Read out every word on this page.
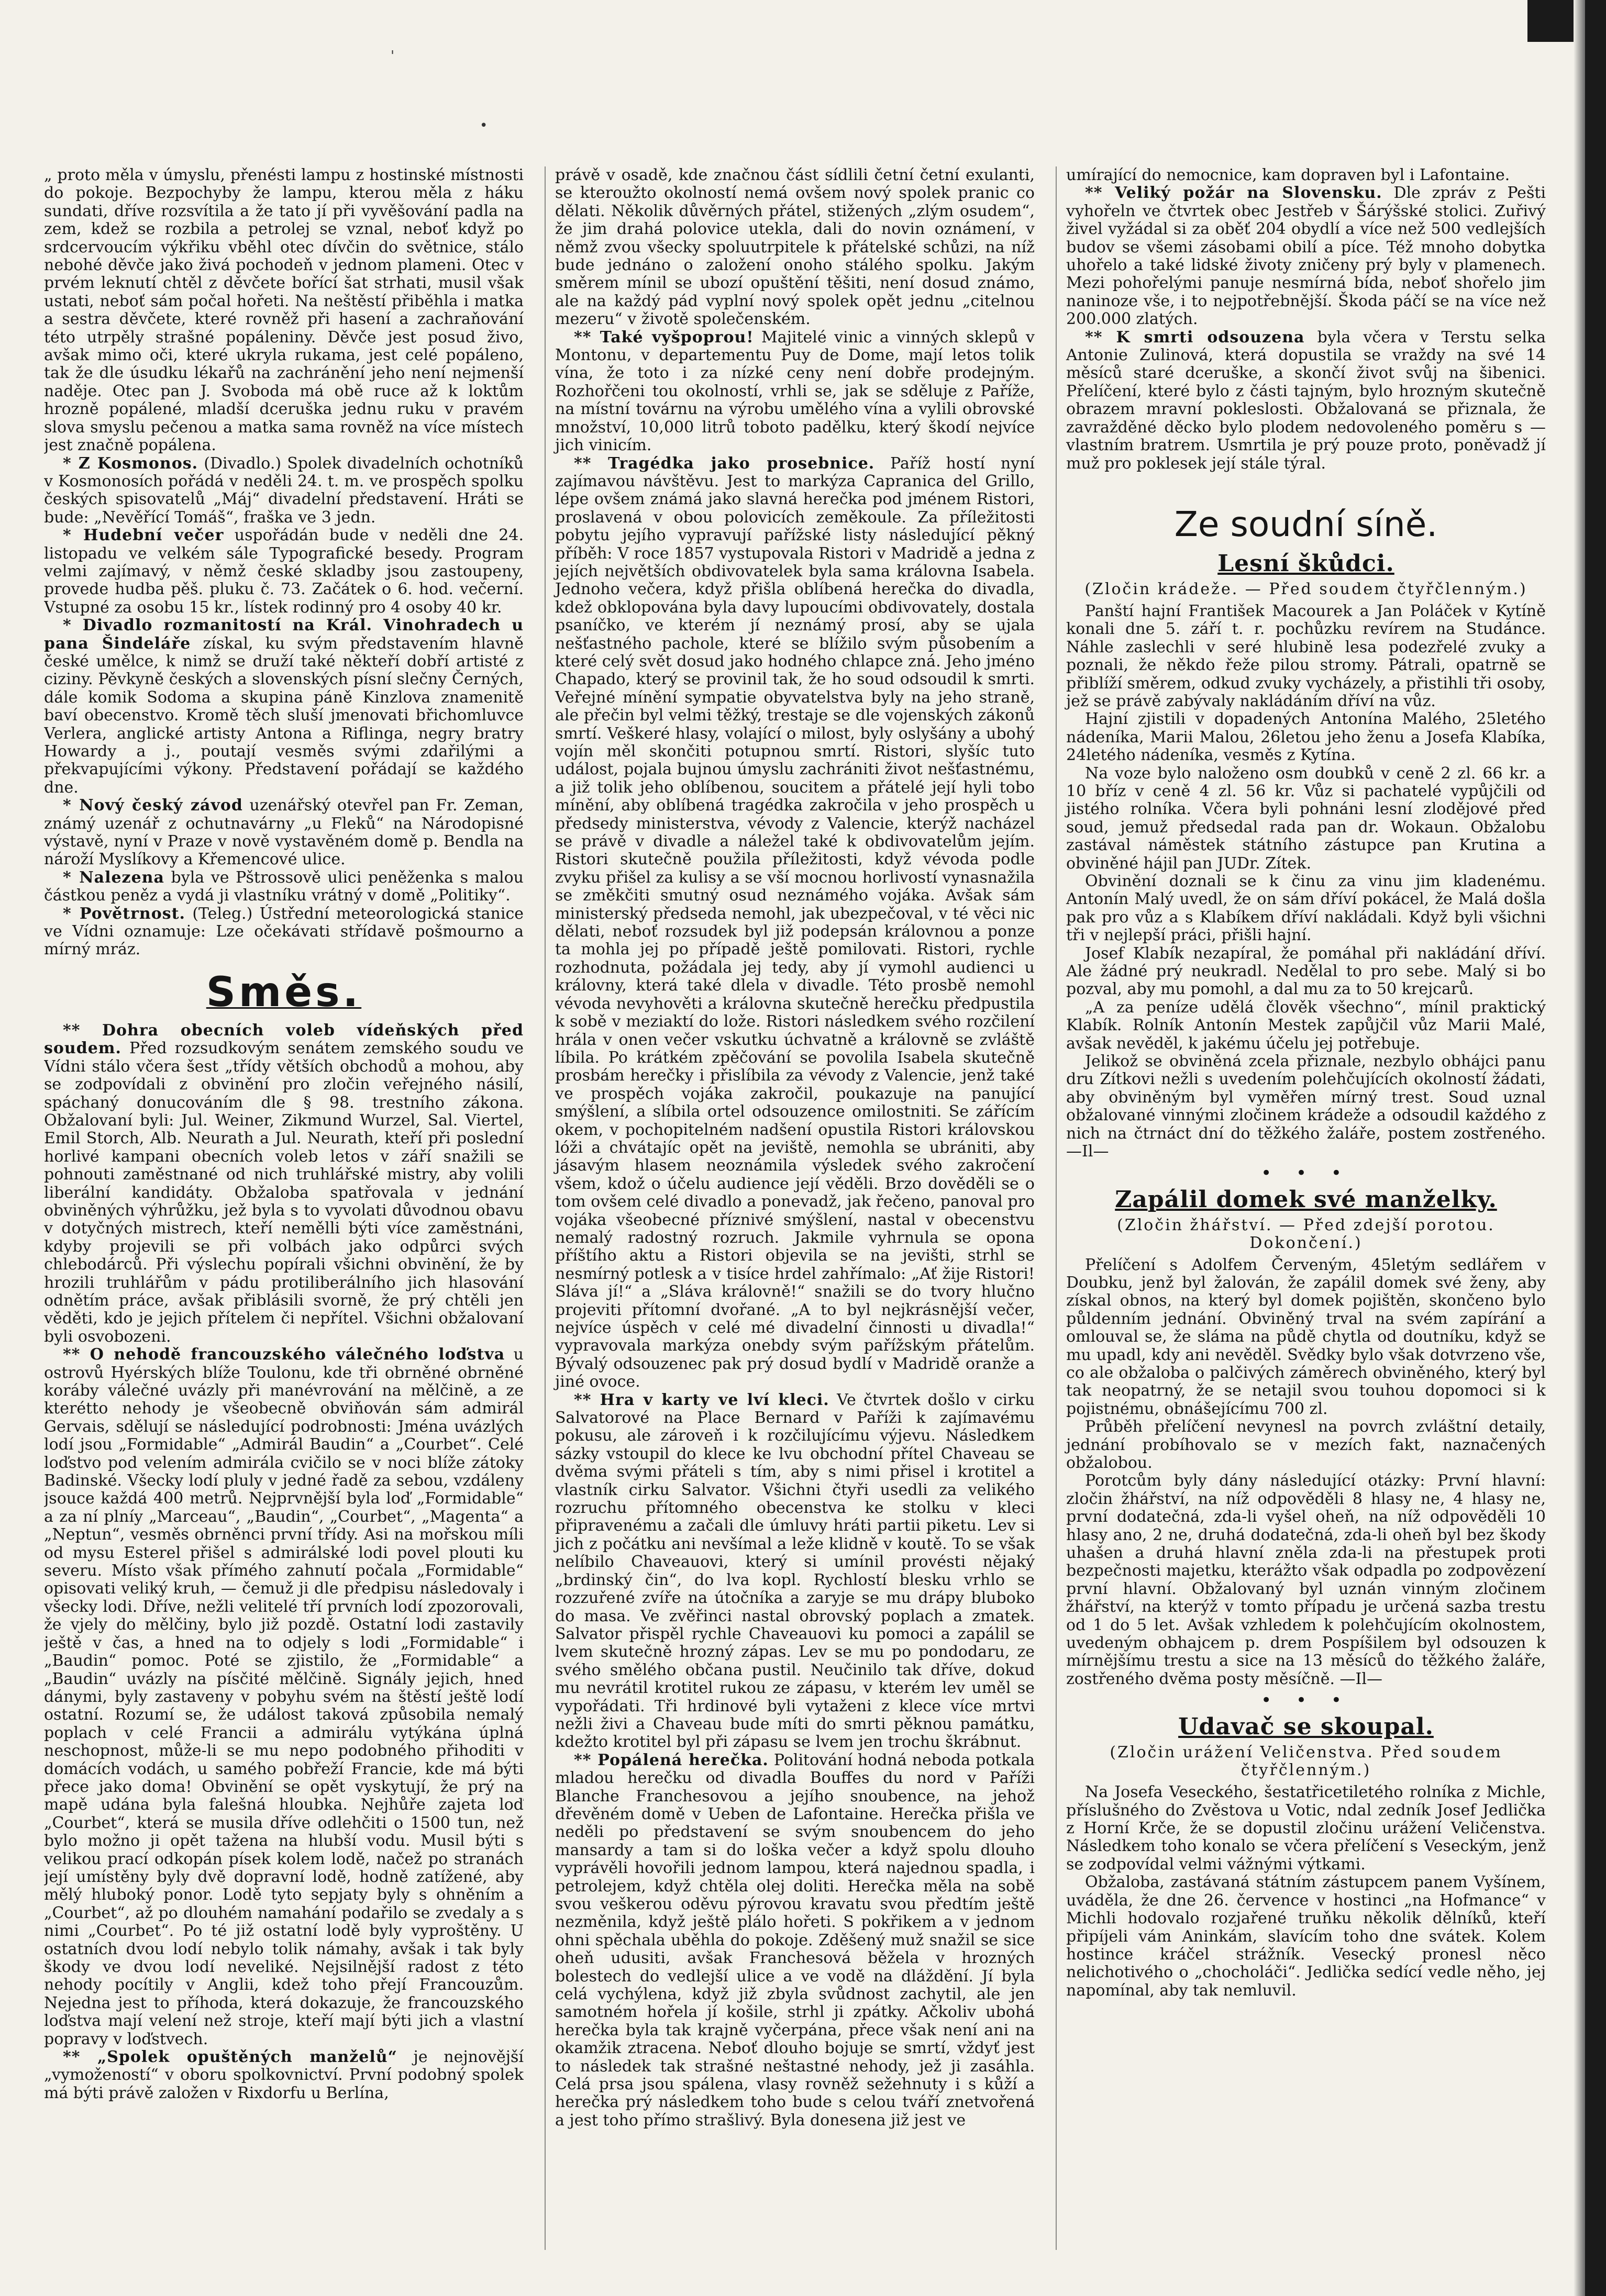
'
•

„ proto měla v úmyslu, přenésti lampu z hostinské místnosti do pokoje. Bezpochyby že lampu, kterou měla z háku sundati, dříve rozsvítila a že tato jí při vyvěšování padla na zem, kdež se rozbila a petrolej se vznal, neboť když po srdcervoucím výkřiku vběhl otec dívčin do světnice, stálo nebohé děvče jako živá pochodeň v jednom plameni. Otec v prvém leknutí chtěl z děvčete bořící šat strhati, musil však ustati, neboť sám počal hořeti. Na neštěstí přiběhla i matka a sestra děvčete, které rovněž při hasení a zachraňování této utrpěly strašné popáleniny. Děvče jest posud živo, avšak mimo oči, které ukryla rukama, jest celé popáleno, tak že dle úsudku lékařů na zachránění jeho není nejmenší naděje. Otec pan J. Svoboda má obě ruce až k loktům hrozně popálené, mladší dceruška jednu ruku v pravém slova smyslu pečenou a matka sama rovněž na více místech jest značně popálena.

* Z Kosmonos. (Divadlo.) Spolek divadelních ochotníků v Kosmonosích pořádá v neděli 24. t. m. ve prospěch spolku českých spisovatelů „Máj“ divadelní představení. Hráti se bude: „Nevěřící Tomáš“, fraška ve 3 jedn.

* Hudební večer uspořádán bude v neděli dne 24. listopadu ve velkém sále Typografické besedy. Program velmi zajímavý, v němž české skladby jsou zastoupeny, provede hudba pěš. pluku č. 73. Začátek o 6. hod. večerní. Vstupné za osobu 15 kr., lístek rodinný pro 4 osoby 40 kr.

* Divadlo rozmanitostí na Král. Vinohradech u pana Šindeláře získal, ku svým představením hlavně české umělce, k nimž se druží také někteří dobří artisté z ciziny. Pěvkyně českých a slovenských písní slečny Černých, dále komik Sodoma a skupina páně Kinzlova znamenitě baví obecenstvo. Kromě těch sluší jmenovati břichomluvce Verlera, anglické artisty Antona a Riflinga, negry bratry Howardy a j., poutají vesměs svými zdařilými a překvapujícími výkony. Představení pořádají se každého dne.

* Nový český závod uzenářský otevřel pan Fr. Zeman, známý uzenář z ochutnavárny „u Fleků“ na Národopisné výstavě, nyní v Praze v nově vystavěném domě p. Bendla na nároží Myslíkovy a Křemencové ulice.

* Nalezena byla ve Pštrossově ulici peněženka s malou částkou peněz a vydá ji vlastníku vrátný v domě „Politiky“.

* Povětrnost. (Teleg.) Ústřední meteorologická stanice ve Vídni oznamuje: Lze očekávati střídavě pošmourno a mírný mráz.

Směs.

** Dohra obecních voleb vídeňských před soudem. Před rozsudkovým senátem zemského soudu ve Vídni stálo včera šest „třídy větších obchodů a mohou, aby se zodpovídali z obvinění pro zločin veřejného násilí, spáchaný donucováním dle § 98. trestního zákona. Obžalovaní byli: Jul. Weiner, Zikmund Wurzel, Sal. Viertel, Emil Storch, Alb. Neurath a Jul. Neurath, kteří při poslední horlivé kampani obecních voleb letos v září snažili se pohnouti zaměstnané od nich truhlářské mistry, aby volili liberální kandidáty. Obžaloba spatřovala v jednání obviněných výhrůžku, jež byla s to vyvolati důvodnou obavu v dotyčných mistrech, kteří nemělli býti více zaměstnáni, kdyby projevili se při volbách jako odpůrci svých chlebodárců. Při výslechu popírali všichni obvinění, že by hrozili truhlářům v pádu protiliberálního jich hlasování odnětím práce, avšak přiblásili svorně, že prý chtěli jen věděti, kdo je jejich přítelem či nepřítel. Všichni obžalovaní byli osvobozeni.

** O nehodě francouzského válečného loďstva u ostrovů Hyérských blíže Toulonu, kde tři obrněné obrněné koráby válečné uvázly při manévrování na mělčině, a ze kterétto nehody je všeobecně obviňován sám admirál Gervais, sdělují se následující podrobnosti: Jména uvázlých lodí jsou „Formidable“ „Admirál Baudin“ a „Courbet“. Celé loďstvo pod velením admirála cvičilo se v noci blíže zátoky Badinské. Všecky lodí pluly v jedné řadě za sebou, vzdáleny jsouce každá 400 metrů. Nejprvnější byla loď „Formidable“ a za ní plníy „Marceau“, „Baudin“, „Courbet“, „Magenta“ a „Neptun“, vesměs obrněnci první třídy. Asi na mořskou míli od mysu Esterel přišel s admirálské lodi povel plouti ku severu. Místo však přímého zahnutí počala „Formidable“ opisovati veliký kruh, — čemuž ji dle předpisu následovaly i všecky lodi. Dříve, nežli velitelé tří prvních lodí zpozorovali, že vjely do mělčiny, bylo již pozdě. Ostatní lodi zastavily ještě v čas, a hned na to odjely s lodi „Formidable“ i „Baudin“ pomoc. Poté se zjistilo, že „Formidable“ a „Baudin“ uvázly na písčité mělčině. Signály jejich, hned dánymi, byly zastaveny v pobyhu svém na štěstí ještě lodí ostatní. Rozumí se, že událost taková způsobila nemalý poplach v celé Francii a admirálu vytýkána úplná neschopnost, může-li se mu nepo podobného přihoditi v domácích vodách, u samého pobřeží Francie, kde má býti přece jako doma! Obvinění se opět vyskytují, že prý na mapě udána byla falešná hloubka. Nejhůře zajeta loď „Courbet“, která se musila dříve odlehčiti o 1500 tun, než bylo možno ji opět tažena na hlubší vodu. Musil býti s velikou prací odkopán písek kolem lodě, načež po stranách její umístěny byly dvě dopravní lodě, hodně zatížené, aby mělý hluboký ponor. Lodě tyto sepjaty byly s ohněním a „Courbet“, až po dlouhém namahání podařilo se zvedaly a s nimi „Courbet“. Po té již ostatní lodě byly vyproštěny. U ostatních dvou lodí nebylo tolik námahy, avšak i tak byly škody ve dvou lodí neveliké. Nejsilnější radost z této nehody pocítily v Anglii, kdež toho přejí Francouzům. Nejedna jest to příhoda, která dokazuje, že francouzského loďstva mají velení než stroje, kteří mají býti jich a vlastní popravy v loďstvech.

** „Spolek opuštěných manželů“ je nejnovější „vymožeností“ v oboru spolkovnictví. První podobný spolek má býti právě založen v Rixdorfu u Berlína,

právě v osadě, kde značnou část sídlili četní četní exulanti, se kteroužto okolností nemá ovšem nový spolek pranic co dělati. Několik důvěrných přátel, stižených „zlým osudem“, že jim drahá polovice utekla, dali do novin oznámení, v němž zvou všecky spoluutrpitele k přátelské schůzi, na níž bude jednáno o založení onoho stálého spolku. Jakým směrem mínil se ubozí opuštění těšiti, není dosud známo, ale na každý pád vyplní nový spolek opět jednu „citelnou mezeru“ v životě společenském.

** Také vyšpoprou! Majitelé vinic a vinných sklepů v Montonu, v departementu Puy de Dome, mají letos tolik vína, že toto i za nízké ceny není dobře prodejným. Rozhořčeni tou okolností, vrhli se, jak se sděluje z Paříže, na místní továrnu na výrobu umělého vína a vylili obrovské množství, 10,000 litrů toboto padělku, který škodí nejvíce jich vinicím.

** Tragédka jako prosebnice. Paříž hostí nyní zajímavou návštěvu. Jest to markýza Capranica del Grillo, lépe ovšem známá jako slavná herečka pod jménem Ristori, proslavená v obou polovicích zeměkoule. Za příležitosti pobytu jejího vypravují pařížské listy následující pěkný příběh: V roce 1857 vystupovala Ristori v Madridě a jedna z jejích největších obdivovatelek byla sama královna Isabela. Jednoho večera, když přišla oblíbená herečka do divadla, kdež obklopována byla davy lupoucími obdivovately, dostala psaníčko, ve kterém jí neznámý prosí, aby se ujala nešťastného pachole, které se blížilo svým působením a které celý svět dosud jako hodného chlapce zná. Jeho jméno Chapado, který se provinil tak, že ho soud odsoudil k smrti. Veřejné mínění sympatie obyvatelstva byly na jeho straně, ale přečin byl velmi těžký, trestaje se dle vojenských zákonů smrtí. Veškeré hlasy, volající o milost, byly oslyšány a ubohý vojín měl skončiti potupnou smrtí. Ristori, slyšíc tuto událost, pojala bujnou úmyslu zachrániti život nešťastnému, a již tolik jeho oblíbenou, soucitem a přátelé její hyli tobo mínění, aby oblíbená tragédka zakročila v jeho prospěch u předsedy ministerstva, vévody z Valencie, kterýž nacházel se právě v divadle a náležel také k obdivovatelům jejím. Ristori skutečně použila příležitosti, když vévoda podle zvyku přišel za kulisy a se vší mocnou horlivostí vynasnažila se změkčiti smutný osud neznámého vojáka. Avšak sám ministerský předseda nemohl, jak ubezpečoval, v té věci nic dělati, neboť rozsudek byl již podepsán královnou a ponze ta mohla jej po případě ještě pomilovati. Ristori, rychle rozhodnuta, požádala jej tedy, aby jí vymohl audienci u královny, která také dlela v divadle. Této prosbě nemohl vévoda nevyhověti a královna skutečně herečku předpustila k sobě v meziaktí do lože. Ristori následkem svého rozčilení hrála v onen večer vskutku úchvatně a královně se zvláště líbila. Po krátkém zpěčování se povolila Isabela skutečně prosbám herečky i přislíbila za vévody z Valencie, jenž také ve prospěch vojáka zakročil, poukazuje na panující smýšlení, a slíbila ortel odsouzence omilostniti. Se zářícím okem, v pochopitelném nadšení opustila Ristori královskou lóži a chvátajíc opět na jeviště, nemohla se ubrániti, aby jásavým hlasem neoznámila výsledek svého zakročení všem, kdož o účelu audience její věděli. Brzo dověděli se o tom ovšem celé divadlo a ponevadž, jak řečeno, panoval pro vojáka všeobecné příznivé smýšlení, nastal v obecenstvu nemalý radostný rozruch. Jakmile vyhrnula se opona příštího aktu a Ristori objevila se na jevišti, strhl se nesmírný potlesk a v tisíce hrdel zahřímalo: „Ať žije Ristori! Sláva jí!“ a „Sláva královně!“ snažili se do tvory hlučno projeviti přítomní dvořané. „A to byl nejkrásnější večer, nejvíce úspěch v celé mé divadelní činnosti u divadla!“ vypravovala markýza onebdy svým pařížským přátelům. Bývalý odsouzenec pak prý dosud bydlí v Madridě oranže a jiné ovoce.

** Hra v karty ve lví kleci. Ve čtvrtek došlo v cirku Salvatorové na Place Bernard v Paříži k zajímavému pokusu, ale zároveň i k rozčilujícímu výjevu. Následkem sázky vstoupil do klece ke lvu obchodní přítel Chaveau se dvěma svými přáteli s tím, aby s nimi přisel i krotitel a vlastník cirku Salvator. Všichni čtyři usedli za velikého rozruchu přítomného obecenstva ke stolku v kleci připravenému a začali dle úmluvy hráti partii piketu. Lev si jich z počátku ani nevšímal a leže klidně v koutě. To se však nelíbilo Chaveauovi, který si umínil provésti nějaký „brdinský čin“, do lva kopl. Rychlostí blesku vrhlo se rozzuřené zvíře na útočníka a zaryje se mu drápy bluboko do masa. Ve zvěřinci nastal obrovský poplach a zmatek. Salvator přispěl rychle Chaveauovi ku pomoci a zapálil se lvem skutečně hrozný zápas. Lev se mu po pondodaru, ze svého smělého občana pustil. Neučinilo tak dříve, dokud mu nevrátil krotitel rukou ze zápasu, v kterém lev uměl se vypořádati. Tři hrdinové byli vytaženi z klece více mrtvi nežli živi a Chaveau bude míti do smrti pěknou památku, kdežto krotitel byl při zápasu se lvem jen trochu škrábnut.

** Popálená herečka. Politování hodná neboda potkala mladou herečku od divadla Bouffes du nord v Paříži Blanche Franchesovou a jejího snoubence, na jehož dřevěném domě v Ueben de Lafontaine. Herečka přišla ve neděli po představení se svým snoubencem do jeho mansardy a tam si do loška večer a když spolu dlouho vyprávěli hovořili jednom lampou, která najednou spadla, i petrolejem, když chtěla olej doliti. Herečka měla na sobě svou veškerou oděvu pýrovou kravatu svou předtím ještě nezměnila, když ještě plálo hořeti. S pokřikem a v jednom ohni spěchala uběhla do pokoje. Zděšený muž snažil se sice oheň udusiti, avšak Franchesová běžela v hrozných bolestech do vedlejší ulice a ve vodě na dláždění. Jí byla celá vychýlena, když již zbyla svůdnost zachytil, ale jen samotném hořela jí košile, strhl ji zpátky. Ačkoliv ubohá herečka byla tak krajně vyčerpána, přece však není ani na okamžik ztracena. Neboť dlouho bojuje se smrtí, vždyť jest to následek tak strašné neštastné nehody, jež ji zasáhla. Celá prsa jsou spálena, vlasy rovněž sežehnuty i s kůží a herečka prý následkem toho bude s celou tváří znetvořená a jest toho přímo strašlivý. Byla donesena již jest ve

umírající do nemocnice, kam dopraven byl i Lafontaine.

** Veliký požár na Slovensku. Dle zpráv z Pešti vyhořeln ve čtvrtek obec Jestřeb v Šárýšské stolici. Zuřivý živel vyžádal si za oběť 204 obydlí a více než 500 vedlejších budov se všemi zásobami obilí a píce. Též mnoho dobytka uhořelo a také lidské životy zničeny prý byly v plamenech. Mezi pohořelými panuje nesmírná bída, neboť shořelo jim naninoze vše, i to nejpotřebnější. Škoda páčí se na více než 200.000 zlatých.

** K smrti odsouzena byla včera v Terstu selka Antonie Zulinová, která dopustila se vraždy na své 14 měsíců staré dceruške, a skončí život svůj na šibenici. Přelíčení, které bylo z části tajným, bylo hrozným skutečně obrazem mravní pokleslosti. Obžalovaná se přiznala, že zavražděné děcko bylo plodem nedovoleného poměru s — vlastním bratrem. Usmrtila je prý pouze proto, poněvadž jí muž pro poklesek její stále týral.

Ze soudní síně.
Lesní škůdci.
(Zločin krádeže. — Před soudem čtyřčlenným.)

Panští hajní František Macourek a Jan Poláček v Kytíně konali dne 5. září t. r. pochůzku revírem na Studánce. Náhle zaslechli v seré hlubině lesa podezřelé zvuky a poznali, že někdo řeže pilou stromy. Pátrali, opatrně se přiblíží směrem, odkud zvuky vycházely, a přistihli tři osoby, jež se právě zabývaly nakládáním dříví na vůz.

Hajní zjistili v dopadených Antonína Malého, 25letého nádeníka, Marii Malou, 26letou jeho ženu a Josefa Klabíka, 24letého nádeníka, vesměs z Kytína.

Na voze bylo naloženo osm doubků v ceně 2 zl. 66 kr. a 10 bříz v ceně 4 zl. 56 kr. Vůz si pachatelé vypůjčili od jistého rolníka. Včera byli pohnáni lesní zlodějové před soud, jemuž předsedal rada pan dr. Wokaun. Obžalobu zastával náměstek státního zástupce pan Krutina a obviněné hájil pan JUDr. Zítek.

Obvinění doznali se k činu za vinu jim kladenému. Antonín Malý uvedl, že on sám dříví pokácel, že Malá došla pak pro vůz a s Klabíkem dříví nakládali. Když byli všichni tři v nejlepší práci, přišli hajní.

Josef Klabík nezapíral, že pomáhal při nakládání dříví. Ale žádné prý neukradl. Nedělal to pro sebe. Malý si bo pozval, aby mu pomohl, a dal mu za to 50 krejcarů.

„A za peníze udělá člověk všechno“, mínil praktický Klabík. Rolník Antonín Mestek zapůjčil vůz Marii Malé, avšak nevěděl, k jakému účelu jej potřebuje.

Jelikož se obviněná zcela přiznale, nezbylo obhájci panu dru Zítkovi nežli s uvedením polehčujících okolností žádati, aby obviněným byl vyměřen mírný trest. Soud uznal obžalované vinnými zločinem krádeže a odsoudil každého z nich na čtrnáct dní do těžkého žaláře, postem zostřeného. —Il—

• • •
Zapálil domek své manželky.
(Zločin žhářství. — Před zdejší porotou. Dokončení.)

Přelíčení s Adolfem Červeným, 45letým sedlářem v Doubku, jenž byl žalován, že zapálil domek své ženy, aby získal obnos, na který byl domek pojištěn, skončeno bylo půldenním jednání. Obviněný trval na svém zapírání a omlouval se, že sláma na půdě chytla od doutníku, když se mu upadl, kdy ani nevěděl. Svědky bylo však dotvrzeno vše, co ale obžaloba o palčivých záměrech obviněného, který byl tak neopatrný, že se netajil svou touhou dopomoci si k pojistnému, obnášejícímu 700 zl.

Průběh přelíčení nevynesl na povrch zvláštní detaily, jednání probíhovalo se v mezích fakt, naznačených obžalobou.

Porotcům byly dány následující otázky: První hlavní: zločin žhářství, na níž odpověděli 8 hlasy ne, 4 hlasy ne, první dodatečná, zda-li vyšel oheň, na níž odpověděli 10 hlasy ano, 2 ne, druhá dodatečná, zda-li oheň byl bez škody uhašen a druhá hlavní zněla zda-li na přestupek proti bezpečnosti majetku, kterážto však odpadla po zodpovězení první hlavní. Obžalovaný byl uznán vinným zločinem žhářství, na kterýž v tomto případu je určená sazba trestu od 1 do 5 let. Avšak vzhledem k polehčujícím okolnostem, uvedeným obhajcem p. drem Pospíšilem byl odsouzen k mírnějšímu trestu a sice na 13 měsíců do těžkého žaláře, zostřeného dvěma posty měsíčně. —Il—

• • •
Udavač se skoupal.
(Zločin urážení Veličenstva. Před soudem čtyřčlenným.)

Na Josefa Veseckého, šestatřicetiletého rolníka z Michle, příslušného do Zvěstova u Votic, ndal zedník Josef Jedlička z Horní Krče, že se dopustil zločinu urážení Veličenstva. Následkem toho konalo se včera přelíčení s Veseckým, jenž se zodpovídal velmi vážnými výtkami.

Obžaloba, zastávaná státním zástupcem panem Vyšínem, uváděla, že dne 26. července v hostinci „na Hofmance“ v Michli hodovalo rozjařené truňku několik dělníků, kteří připíjeli vám Aninkám, slavícím toho dne svátek. Kolem hostince kráčel strážník. Vesecký pronesl něco nelichotivého o „chocholáči“. Jedlička sedící vedle něho, jej napomínal, aby tak nemluvil.
